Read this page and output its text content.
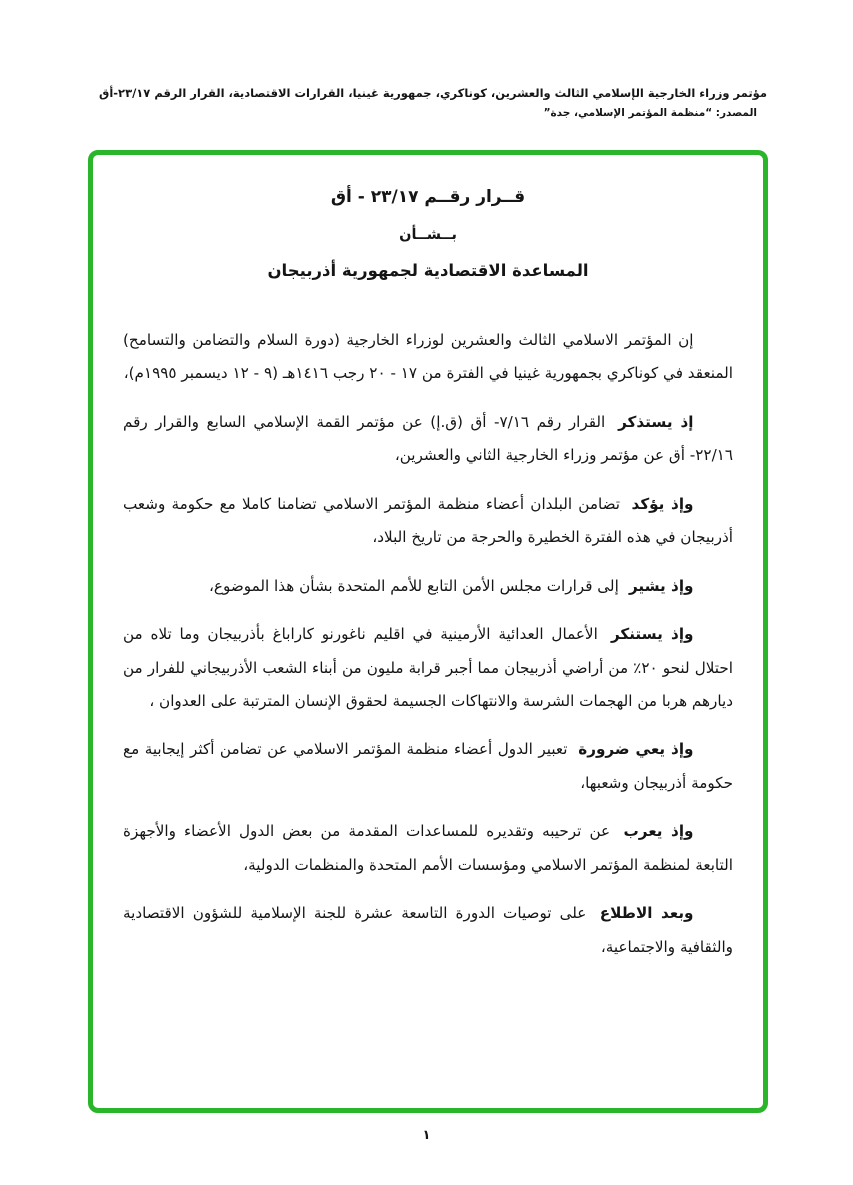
مؤتمر وزراء الخارجية الإسلامي الثالث والعشرين، كوناكري، جمهورية غينيا، القرارات الاقتصادية، القرار الرقم ٢٣/١٧-أق
المصدر: “منظمة المؤتمر الإسلامي، جدة”
قــرار رقــم ٢٣/١٧ - أق
بــشــأن
المساعدة الاقتصادية لجمهورية أذربيجان

إن المؤتمر الاسلامي الثالث والعشرين لوزراء الخارجية (دورة السلام والتضامن والتسامح) المنعقد في كوناكري بجمهورية غينيا في الفترة من ١٧ - ٢٠ رجب ١٤١٦هـ (٩ - ١٢ ديسمبر ١٩٩٥م)،

إذ يستذكر القرار رقم ٧/١٦- أق (ق.إ) عن مؤتمر القمة الإسلامي السابع والقرار رقم ٢٢/١٦- أق عن مؤتمر وزراء الخارجية الثاني والعشرين،

وإذ يؤكد تضامن البلدان أعضاء منظمة المؤتمر الاسلامي تضامنا كاملا مع حكومة وشعب أذربيجان في هذه الفترة الخطيرة والحرجة من تاريخ البلاد،

وإذ يشير إلى قرارات مجلس الأمن التابع للأمم المتحدة بشأن هذا الموضوع،

وإذ يستنكر الأعمال العدائية الأرمينية في اقليم ناغورنو كاراباغ بأذربيجان وما تلاه من احتلال لنحو ٢٠٪ من أراضي أذربيجان مما أجبر قرابة مليون من أبناء الشعب الأذربيجاني للفرار من ديارهم هربا من الهجمات الشرسة والانتهاكات الجسيمة لحقوق الإنسان المترتبة على العدوان ،

وإذ يعي ضرورة تعبير الدول أعضاء منظمة المؤتمر الاسلامي عن تضامن أكثر إيجابية مع حكومة أذربيجان وشعبها،

وإذ يعرب عن ترحيبه وتقديره للمساعدات المقدمة من بعض الدول الأعضاء والأجهزة التابعة لمنظمة المؤتمر الاسلامي ومؤسسات الأمم المتحدة والمنظمات الدولية،

وبعد الاطلاع على توصيات الدورة التاسعة عشرة للجنة الإسلامية للشؤون الاقتصادية والثقافية والاجتماعية،

١
